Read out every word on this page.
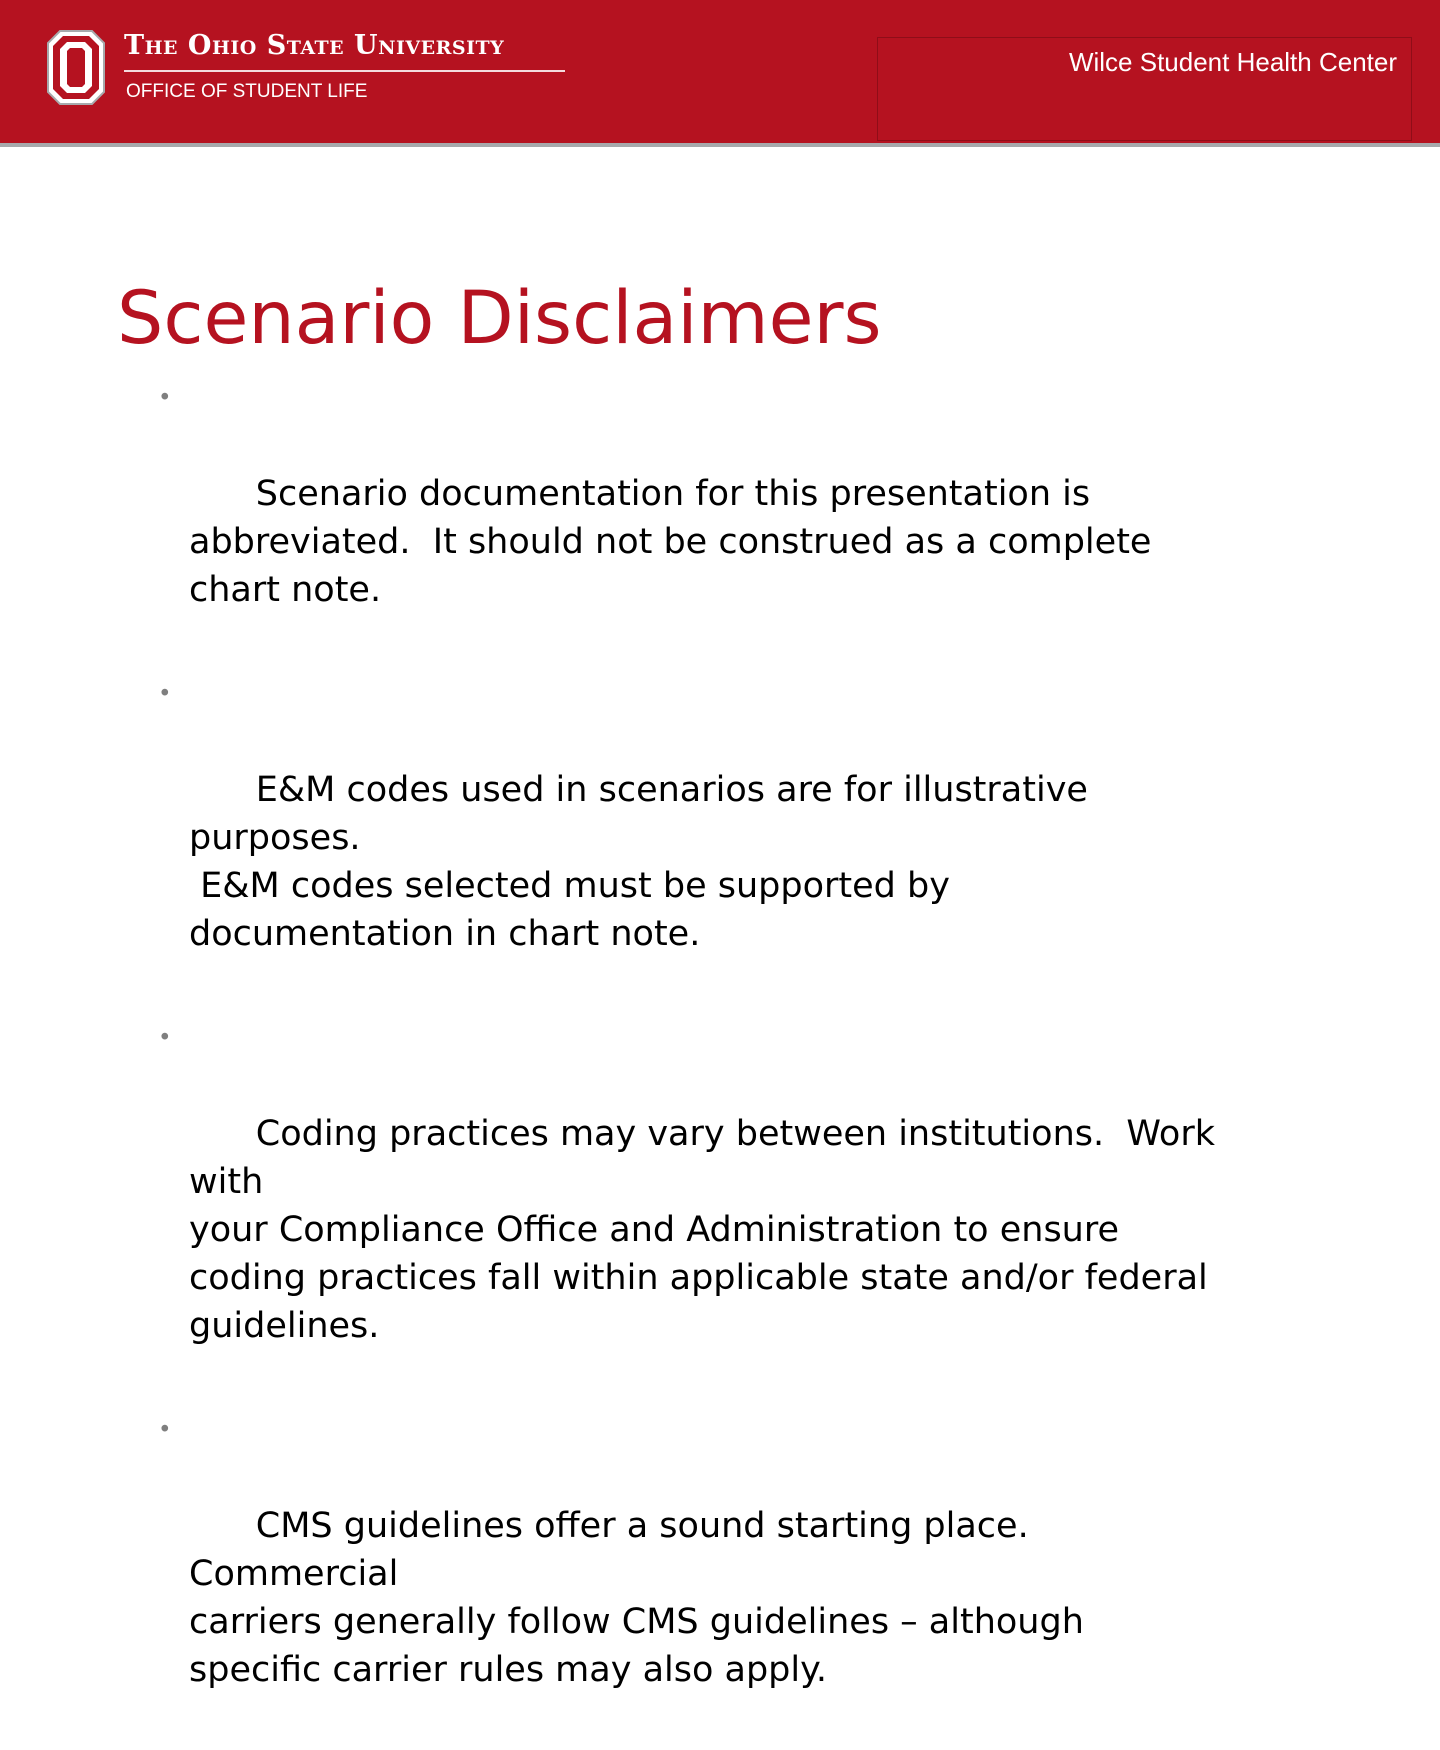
The Ohio State University
OFFICE OF STUDENT LIFE
Wilce Student Health Center
Scenario Disclaimers

•

Scenario documentation for this presentation is
abbreviated.  It should not be construed as a complete
chart note.

•

E&M codes used in scenarios are for illustrative purposes.
E&M codes selected must be supported by
documentation in chart note.

•

Coding practices may vary between institutions.  Work with
your Compliance Office and Administration to ensure
coding practices fall within applicable state and/or federal
guidelines.

•

CMS guidelines offer a sound starting place.  Commercial
carriers generally follow CMS guidelines – although
specific carrier rules may also apply.
